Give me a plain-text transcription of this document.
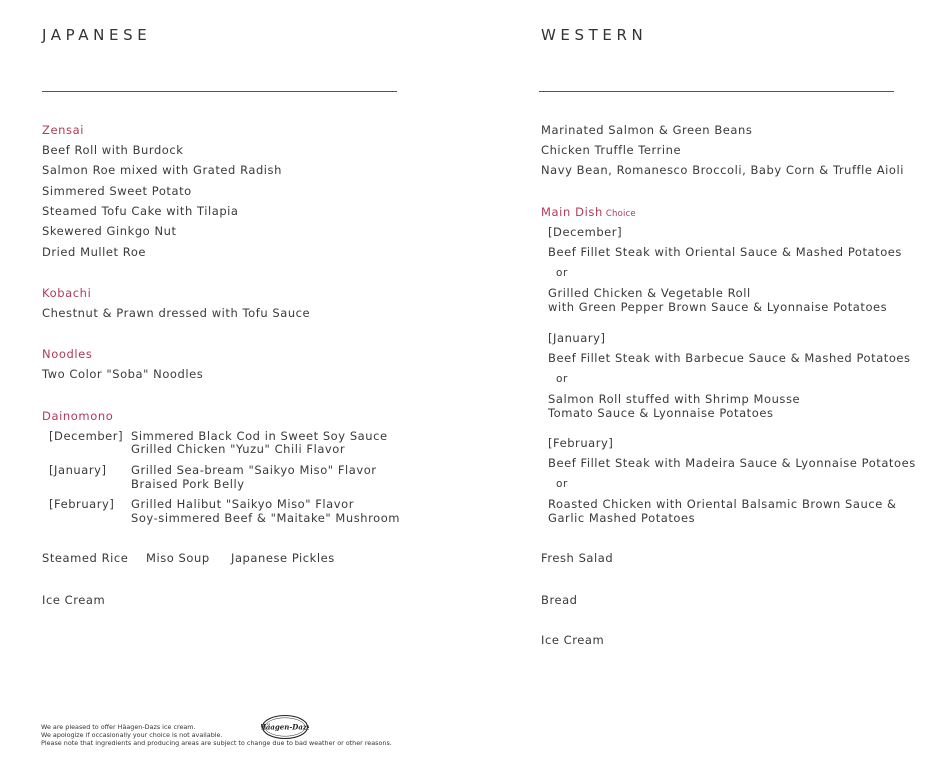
JAPANESE
Zensai
Beef Roll with Burdock
Salmon Roe mixed with Grated Radish
Simmered Sweet Potato
Steamed Tofu Cake with Tilapia
Skewered Ginkgo Nut
Dried Mullet Roe
Kobachi
Chestnut & Prawn dressed with Tofu Sauce
Noodles
Two Color "Soba" Noodles
Dainomono
[December] Simmered Black Cod in Sweet Soy Sauce
Grilled Chicken "Yuzu" Chili Flavor
[January] Grilled Sea-bream "Saikyo Miso" Flavor
Braised Pork Belly
[February] Grilled Halibut "Saikyo Miso" Flavor
Soy-simmered Beef & "Maitake" Mushroom
Steamed Rice Miso Soup Japanese Pickles
Ice Cream
WESTERN
Marinated Salmon & Green Beans
Chicken Truffle Terrine
Navy Bean, Romanesco Broccoli, Baby Corn & Truffle Aioli
Main Dish Choice
[December]
Beef Fillet Steak with Oriental Sauce & Mashed Potatoes
or
Grilled Chicken & Vegetable Roll
with Green Pepper Brown Sauce & Lyonnaise Potatoes
[January]
Beef Fillet Steak with Barbecue Sauce & Mashed Potatoes
or
Salmon Roll stuffed with Shrimp Mousse
Tomato Sauce & Lyonnaise Potatoes
[February]
Beef Fillet Steak with Madeira Sauce & Lyonnaise Potatoes
or
Roasted Chicken with Oriental Balsamic Brown Sauce &
Garlic Mashed Potatoes
Fresh Salad
Bread
Ice Cream
We are pleased to offer Häagen-Dazs ice cream.
We apologize if occasionally your choice is not available.
Please note that ingredients and producing areas are subject to change due to bad weather or other reasons.
Häagen-Dazs
